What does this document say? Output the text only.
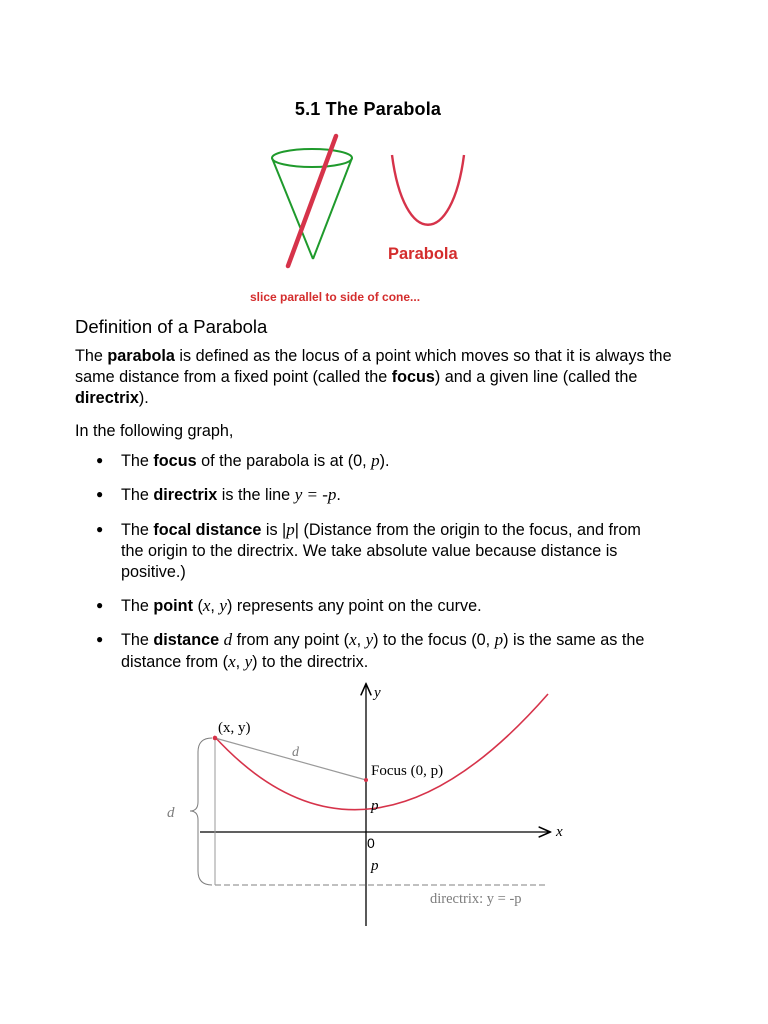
5.1 The Parabola
Parabola
slice parallel to side of cone...
Definition of a Parabola
The parabola is defined as the locus of a point which moves so that it is always the same distance from a fixed point (called the focus) and a given line (called the directrix).
In the following graph,
● The focus of the parabola is at (0, p).
● The directrix is the line y = -p.
● The focal distance is |p| (Distance from the origin to the focus, and from the origin to the directrix. We take absolute value because distance is positive.)
● The point (x, y) represents any point on the curve.
● The distance d from any point (x, y) to the focus (0, p) is the same as the distance from (x, y) to the directrix.
y
x
directrix: y = -p
d
d
(x, y)
Focus (0, p)
p
0
p
